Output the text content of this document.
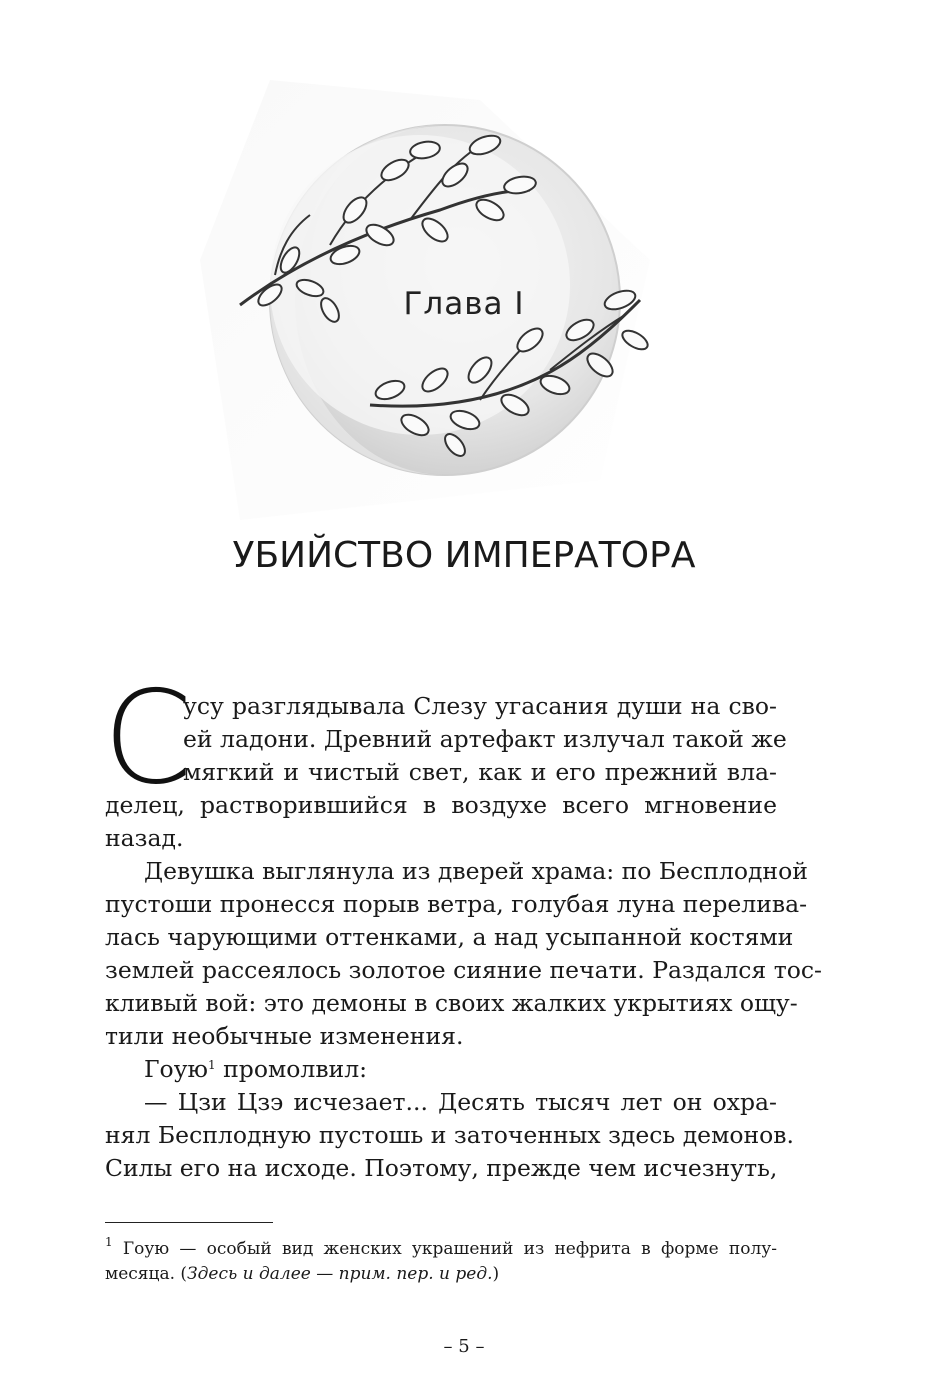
Глава I
УБИЙСТВО ИМПЕРАТОРА
С
усу разглядывала Слезу угасания души на сво-
ей ладони. Древний артефакт излучал такой же
мягкий и чистый свет, как и его прежний вла-
делец, растворившийся в воздухе всего мгновение
назад.
Девушка выглянула из дверей храма: по Бесплодной
пустоши пронесся порыв ветра, голубая луна перелива-
лась чарующими оттенками, а над усыпанной костями
землей рассеялось золотое сияние печати. Раздался тос-
кливый вой: это демоны в своих жалких укрытиях ощу-
тили необычные изменения.
Гоую$^1$ промолвил:
— Цзи Цзэ исчезает... Десять тысяч лет он охра-
нял Бесплодную пустошь и заточенных здесь демонов.
Силы его на исходе. Поэтому, прежде чем исчезнуть,
$^1$ Гоую — особый вид женских украшений из нефрита в форме полу-
месяца. (Здесь и далее — прим. пер. и ред.)
– 5 –
